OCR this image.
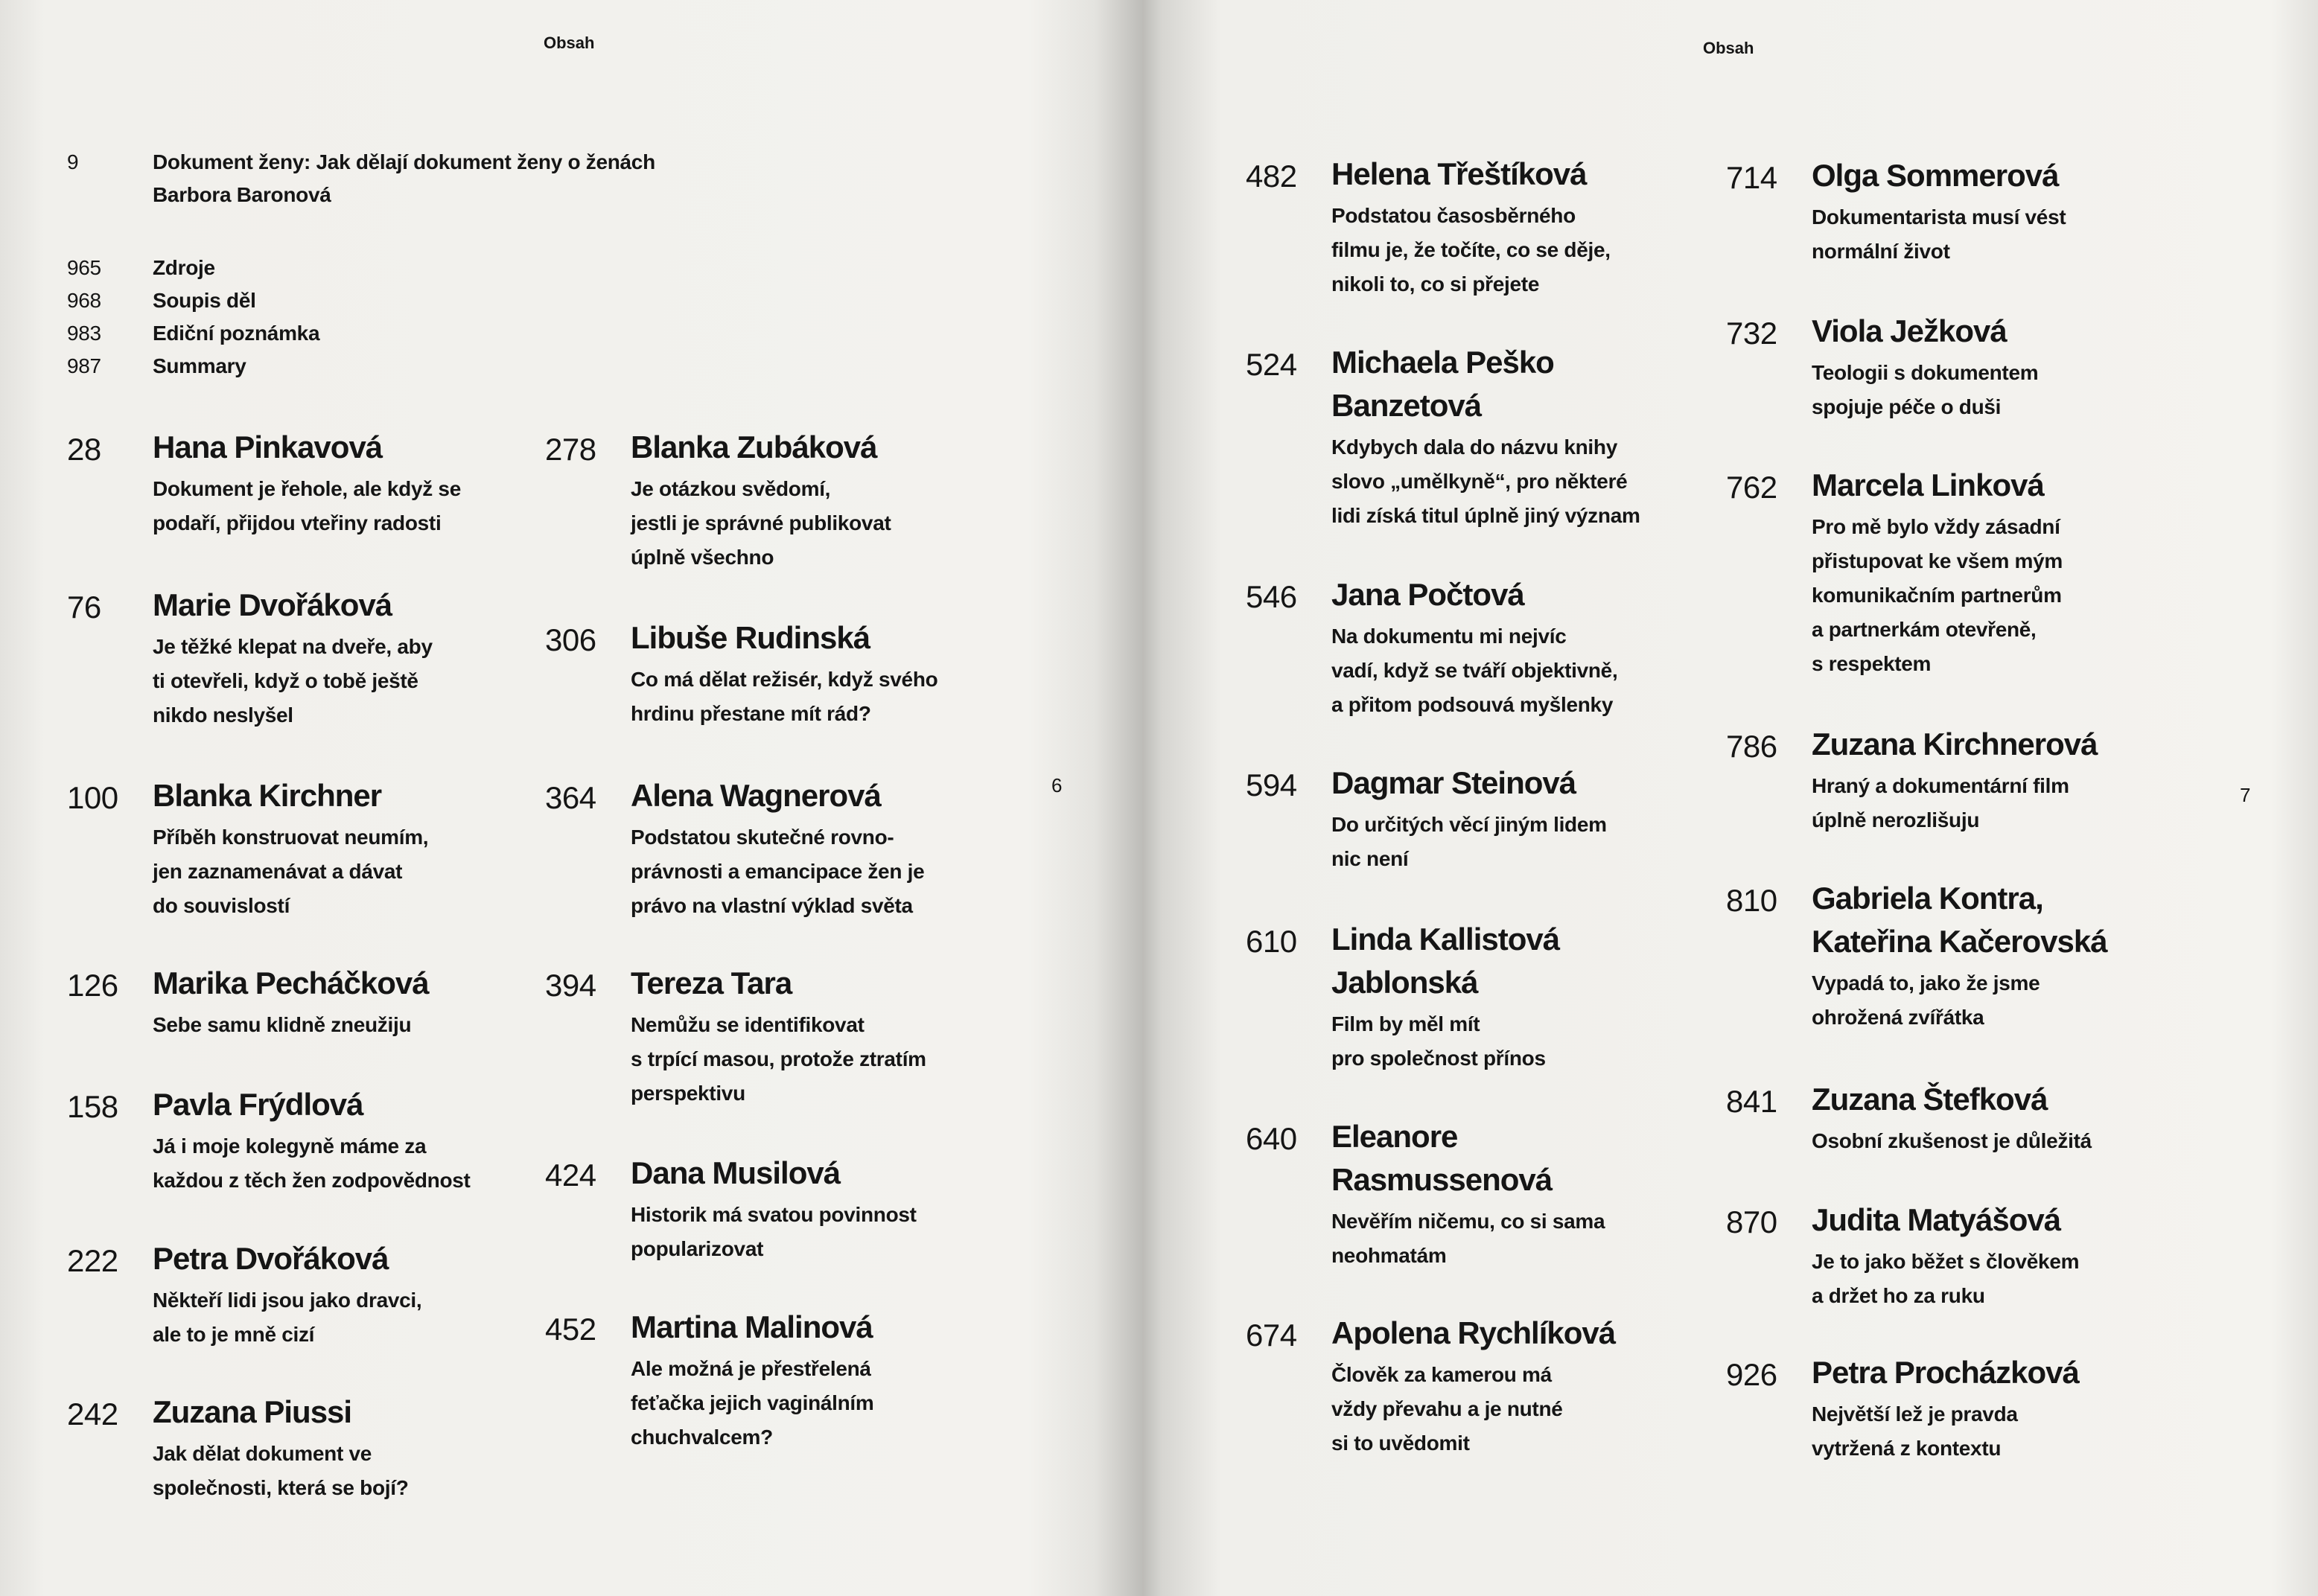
Obsah
9	Dokument ženy: Jak dělají dokument ženy o ženách
Barbora Baronová
965 Zdroje
968 Soupis děl
983 Ediční poznámka
987 Summary
28 Hana Pinkavová
Dokument je řehole, ale když se
podaří, přijdou vteřiny radosti
76 Marie Dvořáková
Je těžké klepat na dveře, aby
ti otevřeli, když o tobě ještě
nikdo neslyšel
100 Blanka Kirchner
Příběh konstruovat neumím,
jen zaznamenávat a dávat
do souvislostí
126 Marika Pecháčková
Sebe samu klidně zneužiju
158 Pavla Frýdlová
Já i moje kolegyně máme za
každou z těch žen zodpovědnost
222 Petra Dvořáková
Někteří lidi jsou jako dravci,
ale to je mně cizí
242 Zuzana Piussi
Jak dělat dokument ve
společnosti, která se bojí?
278 Blanka Zubáková
Je otázkou svědomí,
jestli je správné publikovat
úplně všechno
306 Libuše Rudinská
Co má dělat režisér, když svého
hrdinu přestane mít rád?
364 Alena Wagnerová
Podstatou skutečné rovno-
právnosti a emancipace žen je
právo na vlastní výklad světa
394 Tereza Tara
Nemůžu se identifikovat
s trpící masou, protože ztratím
perspektivu
424 Dana Musilová
Historik má svatou povinnost
popularizovat
452 Martina Malinová
Ale možná je přestřelená
feťačka jejich vaginálním
chuchvalcem?
6
Obsah
482 Helena Třeštíková
Podstatou časosběrného
filmu je, že točíte, co se děje,
nikoli to, co si přejete
524 Michaela Peško
Banzetová
Kdybych dala do názvu knihy
slovo „umělkyně“, pro některé
lidi získá titul úplně jiný význam
546 Jana Počtová
Na dokumentu mi nejvíc
vadí, když se tváří objektivně,
a přitom podsouvá myšlenky
594 Dagmar Steinová
Do určitých věcí jiným lidem
nic není
610 Linda Kallistová
Jablonská
Film by měl mít
pro společnost přínos
640 Eleanore
Rasmussenová
Nevěřím ničemu, co si sama
neohmatám
674 Apolena Rychlíková
Člověk za kamerou má
vždy převahu a je nutné
si to uvědomit
714 Olga Sommerová
Dokumentarista musí vést
normální život
732 Viola Ježková
Teologii s dokumentem
spojuje péče o duši
762 Marcela Linková
Pro mě bylo vždy zásadní
přistupovat ke všem mým
komunikačním partnerům
a partnerkám otevřeně,
s respektem
786 Zuzana Kirchnerová
Hraný a dokumentární film
úplně nerozlišuju
810 Gabriela Kontra,
Kateřina Kačerovská
Vypadá to, jako že jsme
ohrožená zvířátka
841 Zuzana Štefková
Osobní zkušenost je důležitá
870 Judita Matyášová
Je to jako běžet s člověkem
a držet ho za ruku
926 Petra Procházková
Největší lež je pravda
vytržená z kontextu
7
